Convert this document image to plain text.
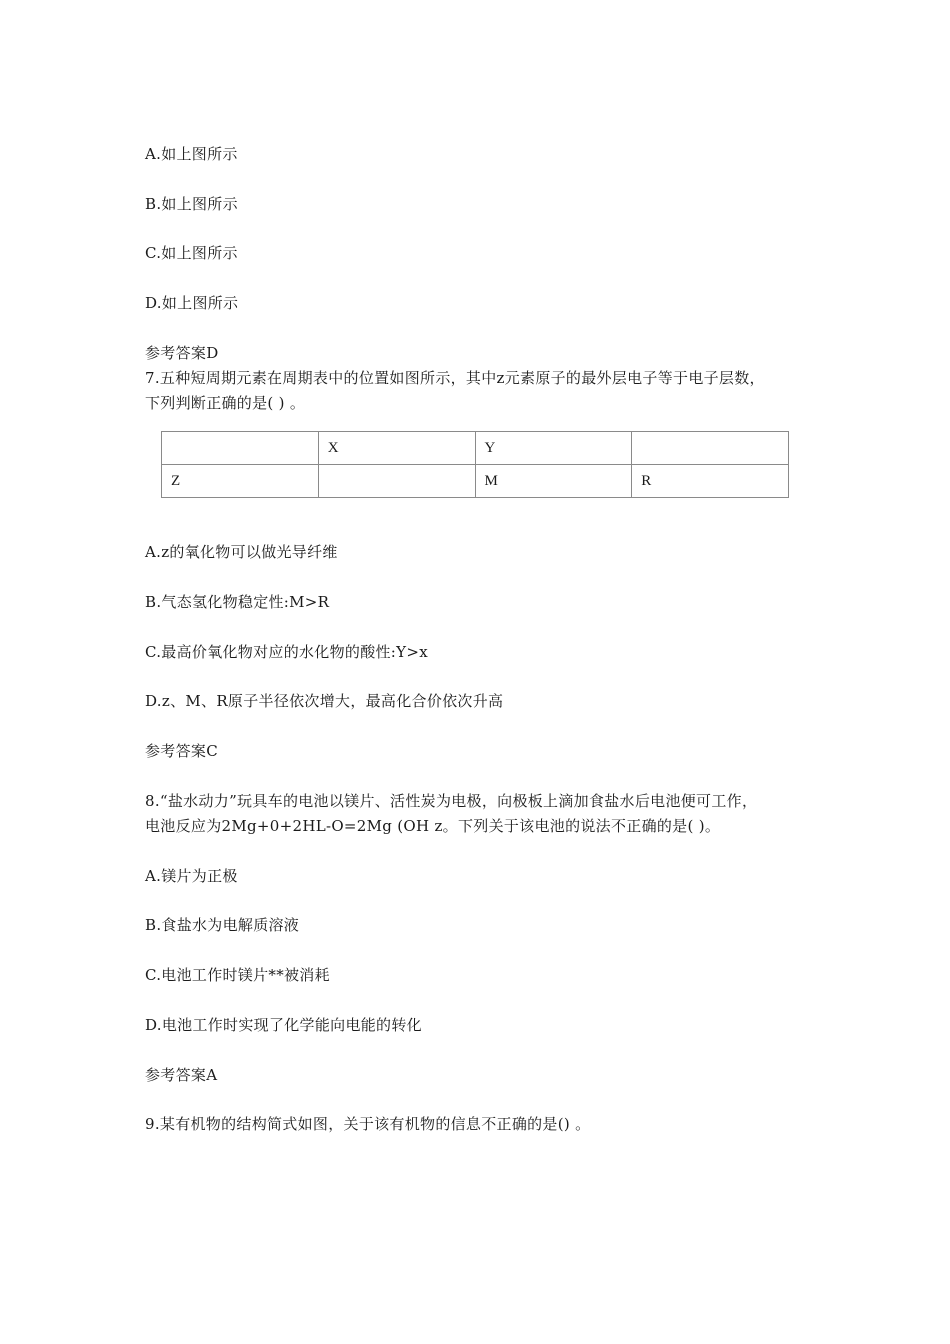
A.如上图所示
B.如上图所示
C.如上图所示
D.如上图所示
参考答案D
7.五种短周期元素在周期表中的位置如图所示，其中z元素原子的最外层电子等于电子层数，
下列判断正确的是( ) 。
	X	Y	
Z		M	R
A.z的氧化物可以做光导纤维
B.气态氢化物稳定性:M>R
C.最高价氧化物对应的水化物的酸性:Y>x
D.z、M、R原子半径依次增大，最高化合价依次升高
参考答案C
8.“盐水动力”玩具车的电池以镁片、活性炭为电极，向极板上滴加食盐水后电池便可工作，
电池反应为2Mg+0+2HL-O=2Mg (OH z。下列关于该电池的说法不正确的是( )。
A.镁片为正极
B.食盐水为电解质溶液
C.电池工作时镁片**被消耗
D.电池工作时实现了化学能向电能的转化
参考答案A
9.某有机物的结构简式如图，关于该有机物的信息不正确的是() 。
